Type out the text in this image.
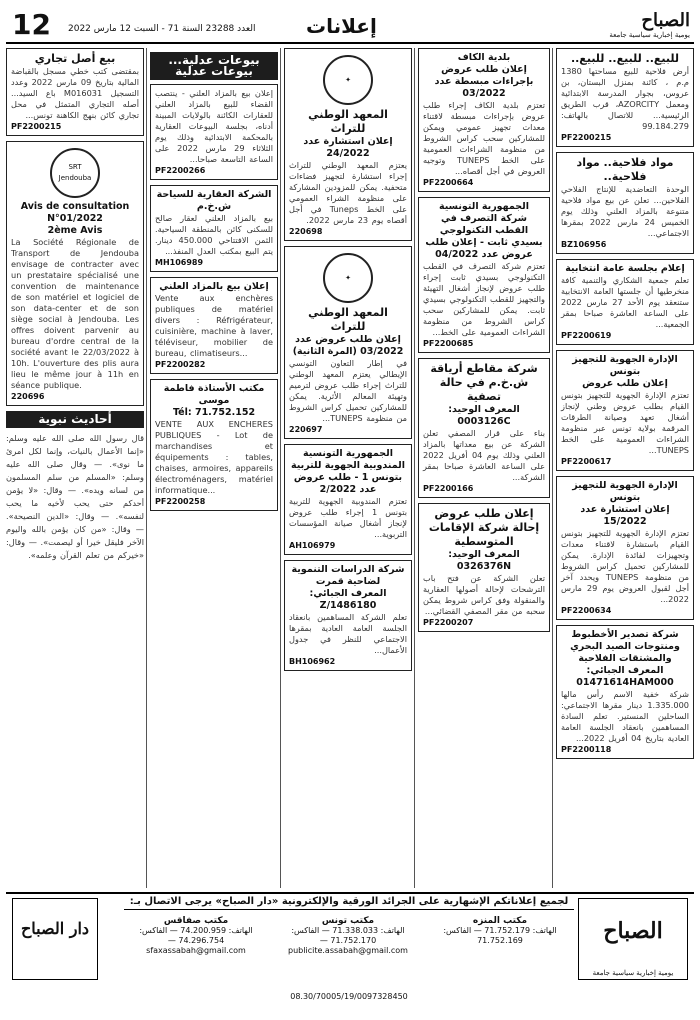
12 العدد 23288 السنة 71 - السبت 12 مارس 2022	إعلانات	الصباح
يومية إخبارية سياسية جامعة
للبيع.. للبيع.. للبيع..
أرض فلاحية للبيع مساحتها 1380 م.م ، كائنة بمنزل البستان، بن عروس، بجوار المدرسة الابتدائية ومعمل AZORCITY، قرب الطريق الرئيسية... للاتصال بالهاتف: 99.184.279
PF2200215
مواد فلاحية.. مواد فلاحية..
الوحدة التعاضدية للإنتاج الفلاحي الفلاحين... تعلن عن بيع مواد فلاحية متنوعة بالمزاد العلني وذلك يوم الخميس 24 مارس 2022 بمقرها الاجتماعي...
BZ106956
إعلام بجلسة عامة انتخابية
تعلم جمعية الشكاري والتنمية كافة منخرطيها أن جلستها العامة الانتخابية ستنعقد يوم الأحد 27 مارس 2022 على الساعة العاشرة صباحا بمقر الجمعية...
PF2200619
الإدارة الجهوية للتجهيز بتونس
إعلان طلب عروض
تعتزم الإدارة الجهوية للتجهيز بتونس القيام بطلب عروض وطني لإنجاز أشغال تعهد وصيانة الطرقات المرقمة بولاية تونس عبر منظومة الشراءات العمومية على الخط TUNEPS...
PF2200617
الإدارة الجهوية للتجهيز بتونس
إعلان استشارة عدد 15/2022
تعتزم الإدارة الجهوية للتجهيز بتونس القيام باستشارة لاقتناء معدات وتجهيزات لفائدة الإدارة. يمكن للمشاركين تحميل كراس الشروط من منظومة TUNEPS ويحدد آخر أجل لقبول العروض يوم 29 مارس 2022...
PF2200634
شركة تصدير الأخطبوط ومنتوجات الصيد البحري والمشتقات الفلاحية
المعرف الجبائي: 01471614HAM000
شركة خفية الاسم رأس مالها 1.335.000 دينار مقرها الاجتماعي: الساحلين المنستير. تعلم السادة المساهمين بانعقاد الجلسة العامة العادية بتاريخ 04 أفريل 2022...
PF2200118
بلدية الكاف
إعلان طلب عروض بإجراءات مبسطة عدد 03/2022
تعتزم بلدية الكاف إجراء طلب عروض بإجراءات مبسطة لاقتناء معدات تجهيز عمومي ويمكن للمشاركين سحب كراس الشروط من منظومة الشراءات العمومية على الخط TUNEPS وتوجيه العروض في أجل أقصاه...
PF2200664
الجمهورية التونسية
شركة التصرف في القطب التكنولوجي بسيدي ثابت - إعلان طلب عروض عدد 04/2022
تعتزم شركة التصرف في القطب التكنولوجي بسيدي ثابت إجراء طلب عروض لإنجاز أشغال التهيئة والتجهيز للقطب التكنولوجي بسيدي ثابت. يمكن للمشاركين سحب كراس الشروط من منظومة الشراءات العمومية على الخط...
PF2200685
شركة مقاطع أرياقة ش.خ.م في حالة تصفية
المعرف الوحيد: 0003126C
بناء على قرار المصفي تعلن الشركة عن بيع معداتها بالمزاد العلني وذلك يوم 04 أفريل 2022 على الساعة العاشرة صباحا بمقر الشركة...
PF2200166
إعلان طلب عروض إحالة شركة الإقامات المتوسطية
المعرف الوحيد: 0326376N
تعلن الشركة عن فتح باب الترشحات لإحالة أصولها العقارية والمنقولة وفق كراس شروط يمكن سحبه من مقر المصفي القضائي...
PF2200207
✦
المعهد الوطني للتراث
إعلان استشارة عدد 24/2022
يعتزم المعهد الوطني للتراث إجراء استشارة لتجهيز فضاءات متحفية. يمكن للمزودين المشاركة على منظومة الشراء العمومي على الخط Tuneps في أجل أقصاه يوم 23 مارس 2022.
220698
✦
المعهد الوطني للتراث
إعلان طلب عروض عدد 03/2022 (المرة الثانية)
في إطار التعاون التونسي الإيطالي يعتزم المعهد الوطني للتراث إجراء طلب عروض لترميم وتهيئة المعالم الأثرية. يمكن للمشاركين تحميل كراس الشروط من منظومة TUNEPS...
220697
الجمهورية التونسية
المندوبية الجهوية للتربية بتونس 1 - طلب عروض عدد 2/2022
تعتزم المندوبية الجهوية للتربية بتونس 1 إجراء طلب عروض لإنجاز أشغال صيانة المؤسسات التربوية...
AH106979
شركة الدراسات التنموية لضاحية قمرت
المعرف الجبائي: 1486180/Z
تعلم الشركة المساهمين بانعقاد الجلسة العامة العادية بمقرها الاجتماعي للنظر في جدول الأعمال...
BH106962
بيوعات عدلية... بيوعات عدلية
إعلان بيع بالمزاد العلني - ينتصب القضاء للبيع بالمزاد العلني للعقارات الكائنة بالولايات المبينة أدناه، بجلسة البيوعات العقارية بالمحكمة الابتدائية وذلك يوم الثلاثاء 29 مارس 2022 على الساعة التاسعة صباحا...
PF2200266
الشركة العقارية للسياحة ش.خ.م
بيع بالمزاد العلني لعقار صالح للسكنى كائن بالمنطقة السياحية. الثمن الافتتاحي 450.000 دينار. يتم البيع بمكتب العدل المنفذ...
MH106989
إعلان بيع بالمزاد العلني
Vente aux enchères publiques de matériel divers : Réfrigérateur, cuisinière, machine à laver, téléviseur, mobilier de bureau, climatiseurs...
PF2200282
مكتب الأستاذة فاطمة موسى
Tél: 71.752.152
VENTE AUX ENCHERES PUBLIQUES - Lot de marchandises et équipements : tables, chaises, armoires, appareils électroménagers, matériel informatique...
PF2200258
بيع أصل تجاري
بمقتضى كتب خطي مسجل بالقباضة المالية بتاريخ 09 مارس 2022 وعدد التسجيل M016031 باع السيد... أصله التجاري المتمثل في محل تجاري كائن بنهج الكاهنة تونس...
PF2200215
SRT Jendouba
Avis de consultation N°01/2022
2ème Avis
La Société Régionale de Transport de Jendouba envisage de contracter avec un prestataire spécialisé une convention de maintenance de son matériel et logiciel de son data-center et de son siège social à Jendouba. Les offres doivent parvenir au bureau d'ordre central de la société avant le 22/03/2022 à 10h. L'ouverture des plis aura lieu le même jour à 11h en séance publique.
220696
أحاديث نبوية
قال رسول الله صلى الله عليه وسلم: «إنما الأعمال بالنيات، وإنما لكل امرئ ما نوى». — وقال صلى الله عليه وسلم: «المسلم من سلم المسلمون من لسانه ويده». — وقال: «لا يؤمن أحدكم حتى يحب لأخيه ما يحب لنفسه». — وقال: «الدين النصيحة». — وقال: «من كان يؤمن بالله واليوم الآخر فليقل خيرا أو ليصمت». — وقال: «خيركم من تعلم القرآن وعلمه».
الصباح
يومية إخبارية سياسية جامعة
لجميع إعلاناتكم الإشهارية على الجرائد الورقية والإلكترونية «دار الصباح» يرجى الاتصال بـ:
مكتب المنزه
الهاتف: 71.752.179 — الفاكس: 71.752.169
مكتب تونس
الهاتف: 71.338.033 — الفاكس: 71.752.170 — publicite.assabah@gmail.com
مكتب صفاقس
الهاتف: 74.200.959 — الفاكس: 74.296.754 — sfaxassabah@gmail.com
08.30/70005/19/0097328450
دار الصباح
